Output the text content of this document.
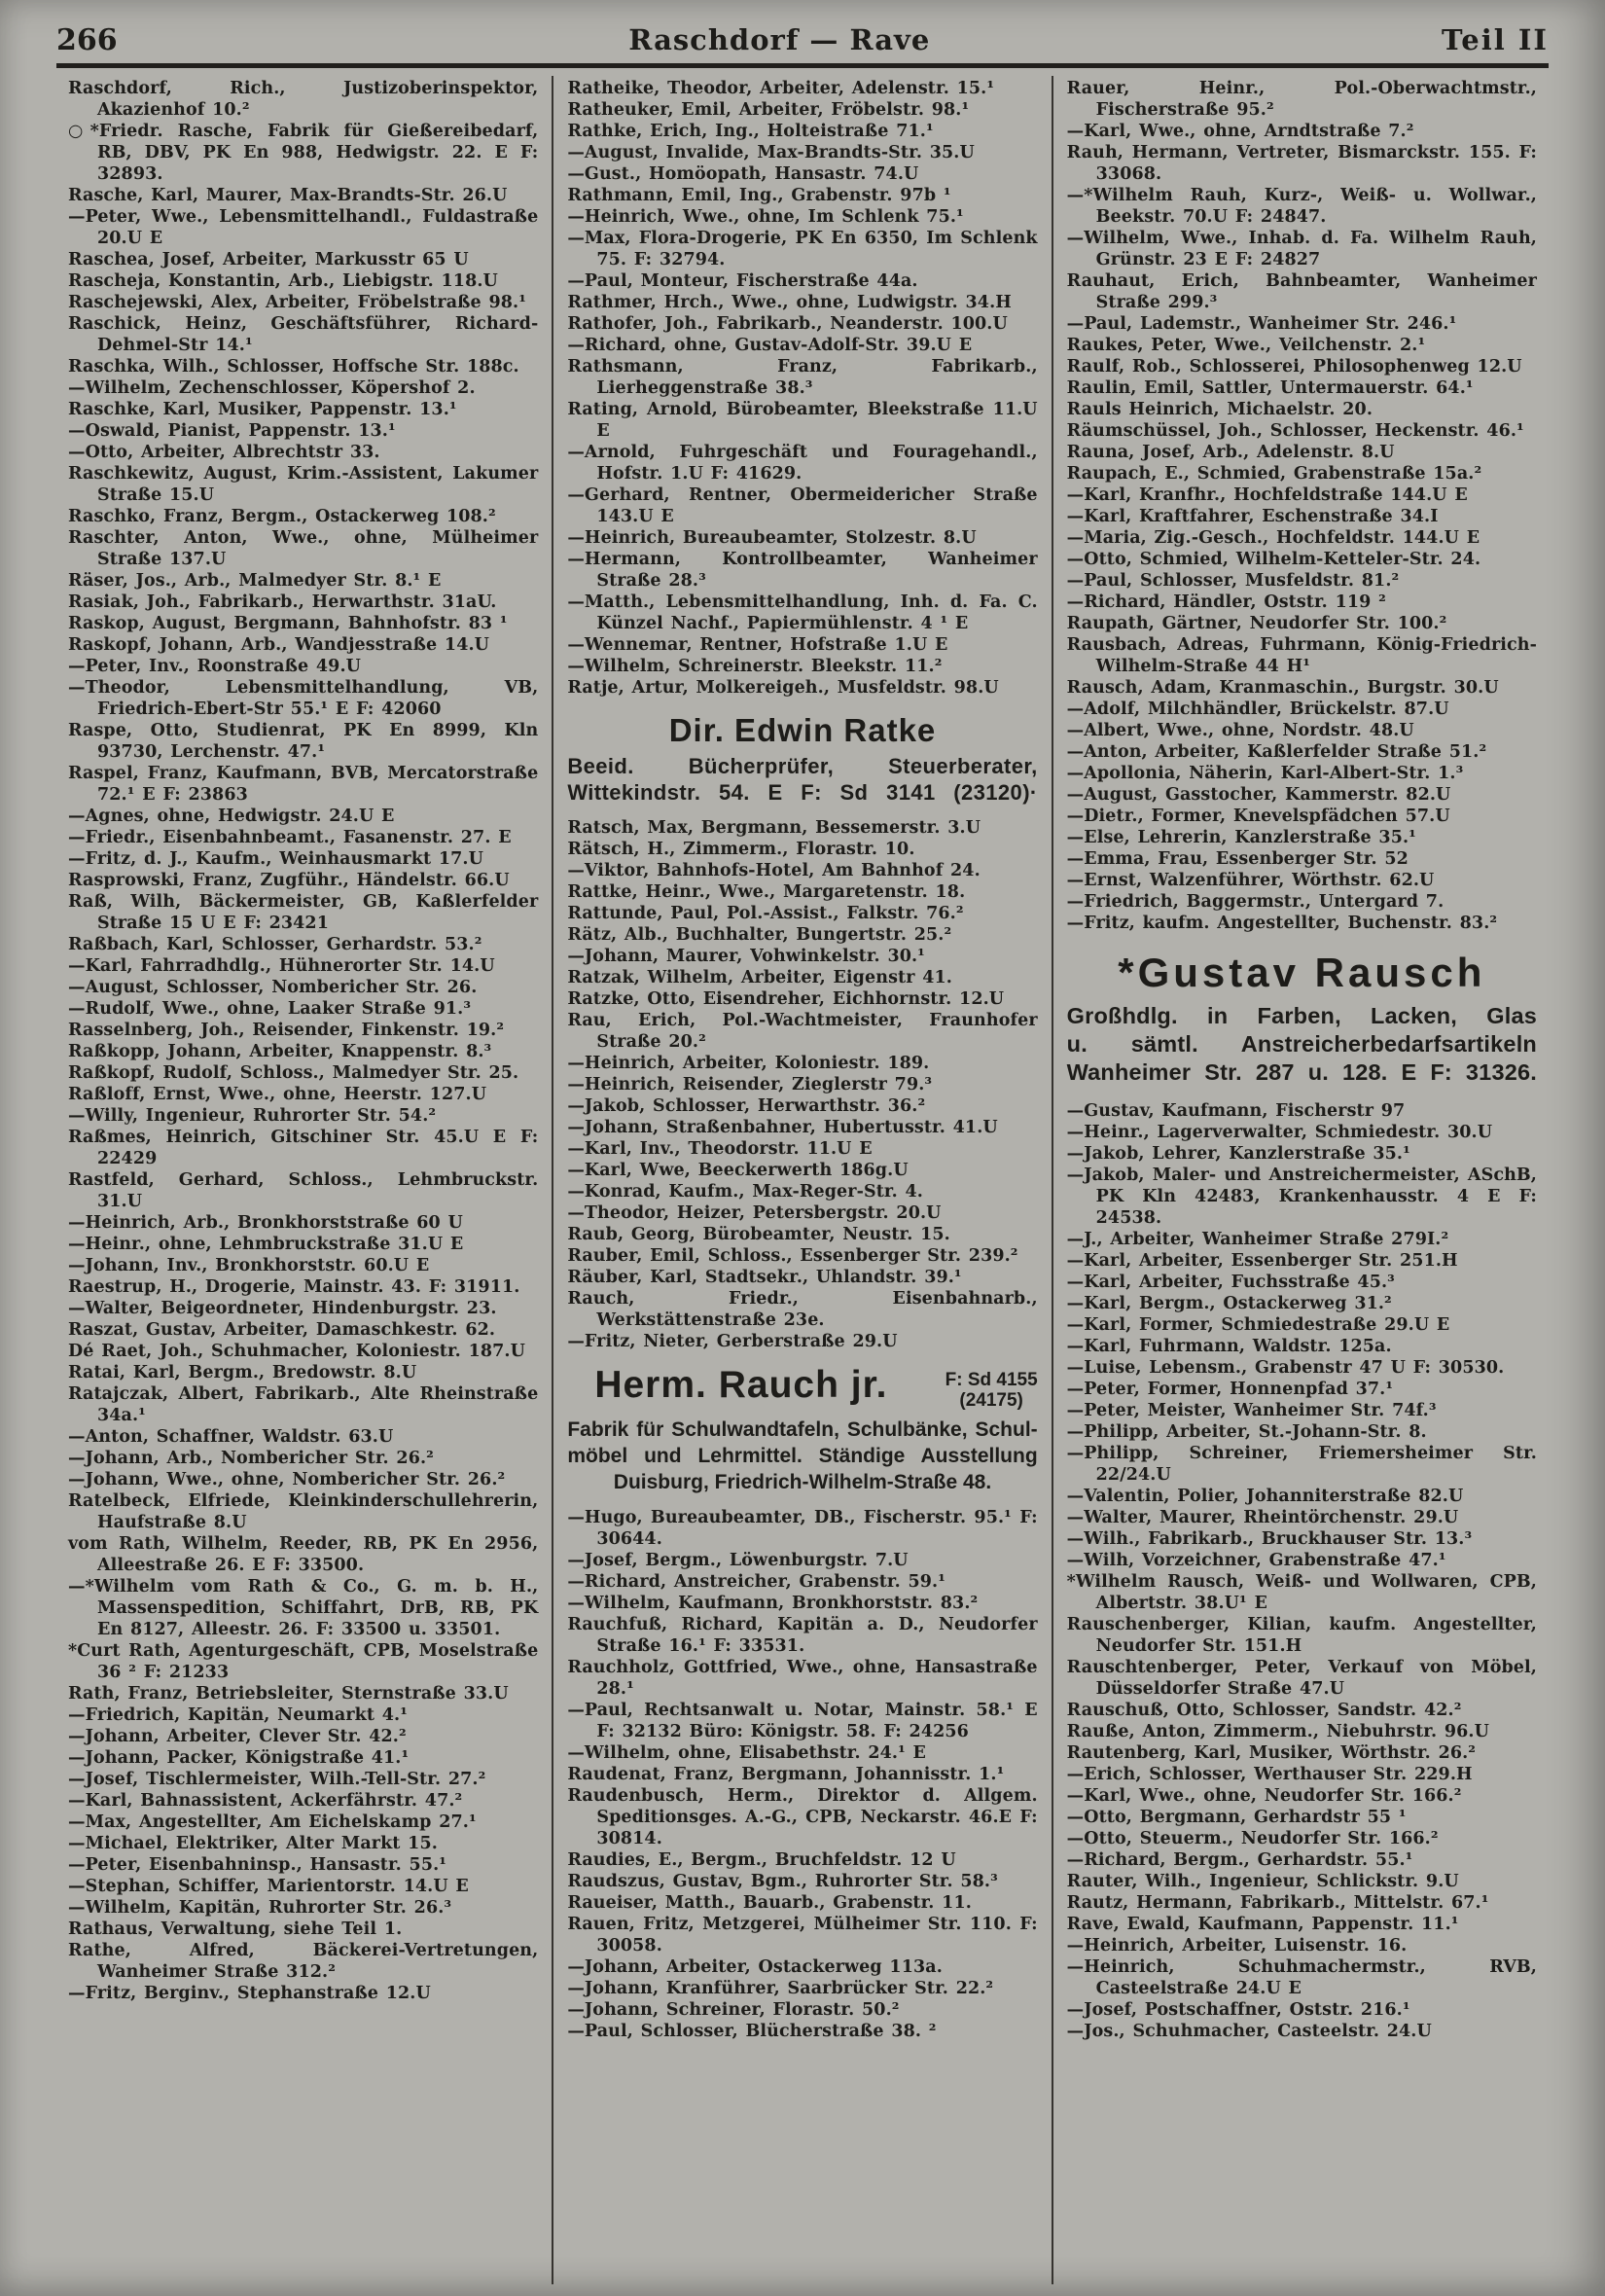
266	Raschdorf — Rave	Teil II
Raschdorf, Rich., Justizoberinspektor, Akazienhof 10.²
○*Friedr. Rasche, Fabrik für Gießereibedarf, RB, DBV, PK En 988, Hedwigstr. 22. E F: 32893.
Rasche, Karl, Maurer, Max-Brandts-Str. 26.U
—Peter, Wwe., Lebensmittelhandl., Fuldastraße 20.U E
Raschea, Josef, Arbeiter, Markusstr 65 U
Rascheja, Konstantin, Arb., Liebigstr. 118.U
Raschejewski, Alex, Arbeiter, Fröbelstraße 98.¹
Raschick, Heinz, Geschäftsführer, Richard-Dehmel-Str 14.¹
Raschka, Wilh., Schlosser, Hoffsche Str. 188c.
—Wilhelm, Zechenschlosser, Köpershof 2.
Raschke, Karl, Musiker, Pappenstr. 13.¹
—Oswald, Pianist, Pappenstr. 13.¹
—Otto, Arbeiter, Albrechtstr 33.
Raschkewitz, August, Krim.-Assistent, Lakumer Straße 15.U
Raschko, Franz, Bergm., Ostackerweg 108.²
Raschter, Anton, Wwe., ohne, Mülheimer Straße 137.U
Räser, Jos., Arb., Malmedyer Str. 8.¹ E
Rasiak, Joh., Fabrikarb., Herwarthstr. 31aU.
Raskop, August, Bergmann, Bahnhofstr. 83 ¹
Raskopf, Johann, Arb., Wandjesstraße 14.U
—Peter, Inv., Roonstraße 49.U
—Theodor, Lebensmittelhandlung, VB, Friedrich-Ebert-Str 55.¹ E F: 42060
Raspe, Otto, Studienrat, PK En 8999, Kln 93730, Lerchenstr. 47.¹
Raspel, Franz, Kaufmann, BVB, Mercatorstraße 72.¹ E F: 23863
—Agnes, ohne, Hedwigstr. 24.U E
—Friedr., Eisenbahnbeamt., Fasanenstr. 27. E
—Fritz, d. J., Kaufm., Weinhausmarkt 17.U
Rasprowski, Franz, Zugführ., Händelstr. 66.U
Raß, Wilh, Bäckermeister, GB, Kaßlerfelder Straße 15 U E F: 23421
Raßbach, Karl, Schlosser, Gerhardstr. 53.²
—Karl, Fahrradhdlg., Hühnerorter Str. 14.U
—August, Schlosser, Nombericher Str. 26.
—Rudolf, Wwe., ohne, Laaker Straße 91.³
Rasselnberg, Joh., Reisender, Finkenstr. 19.²
Raßkopp, Johann, Arbeiter, Knappenstr. 8.³
Raßkopf, Rudolf, Schloss., Malmedyer Str. 25.
Raßloff, Ernst, Wwe., ohne, Heerstr. 127.U
—Willy, Ingenieur, Ruhrorter Str. 54.²
Raßmes, Heinrich, Gitschiner Str. 45.U E F: 22429
Rastfeld, Gerhard, Schloss., Lehmbruckstr. 31.U
—Heinrich, Arb., Bronkhorststraße 60 U
—Heinr., ohne, Lehmbruckstraße 31.U E
—Johann, Inv., Bronkhorststr. 60.U E
Raestrup, H., Drogerie, Mainstr. 43. F: 31911.
—Walter, Beigeordneter, Hindenburgstr. 23.
Raszat, Gustav, Arbeiter, Damaschkestr. 62.
Dé Raet, Joh., Schuhmacher, Koloniestr. 187.U
Ratai, Karl, Bergm., Bredowstr. 8.U
Ratajczak, Albert, Fabrikarb., Alte Rheinstraße 34a.¹
—Anton, Schaffner, Waldstr. 63.U
—Johann, Arb., Nombericher Str. 26.²
—Johann, Wwe., ohne, Nombericher Str. 26.²
Ratelbeck, Elfriede, Kleinkinderschullehrerin, Haufstraße 8.U
vom Rath, Wilhelm, Reeder, RB, PK En 2956, Alleestraße 26. E F: 33500.
—*Wilhelm vom Rath & Co., G. m. b. H., Massenspedition, Schiffahrt, DrB, RB, PK En 8127, Alleestr. 26. F: 33500 u. 33501.
*Curt Rath, Agenturgeschäft, CPB, Moselstraße 36 ² F: 21233
Rath, Franz, Betriebsleiter, Sternstraße 33.U
—Friedrich, Kapitän, Neumarkt 4.¹
—Johann, Arbeiter, Clever Str. 42.²
—Johann, Packer, Königstraße 41.¹
—Josef, Tischlermeister, Wilh.-Tell-Str. 27.²
—Karl, Bahnassistent, Ackerfährstr. 47.²
—Max, Angestellter, Am Eichelskamp 27.¹
—Michael, Elektriker, Alter Markt 15.
—Peter, Eisenbahninsp., Hansastr. 55.¹
—Stephan, Schiffer, Marientorstr. 14.U E
—Wilhelm, Kapitän, Ruhrorter Str. 26.³
Rathaus, Verwaltung, siehe Teil 1.
Rathe, Alfred, Bäckerei-Vertretungen, Wanheimer Straße 312.²
—Fritz, Berginv., Stephanstraße 12.U
Ratheike, Theodor, Arbeiter, Adelenstr. 15.¹
Ratheuker, Emil, Arbeiter, Fröbelstr. 98.¹
Rathke, Erich, Ing., Holteistraße 71.¹
—August, Invalide, Max-Brandts-Str. 35.U
—Gust., Homöopath, Hansastr. 74.U
Rathmann, Emil, Ing., Grabenstr. 97b ¹
—Heinrich, Wwe., ohne, Im Schlenk 75.¹
—Max, Flora-Drogerie, PK En 6350, Im Schlenk 75. F: 32794.
—Paul, Monteur, Fischerstraße 44a.
Rathmer, Hrch., Wwe., ohne, Ludwigstr. 34.H
Rathofer, Joh., Fabrikarb., Neanderstr. 100.U
—Richard, ohne, Gustav-Adolf-Str. 39.U E
Rathsmann, Franz, Fabrikarb., Lierheggenstraße 38.³
Rating, Arnold, Bürobeamter, Bleekstraße 11.U E
—Arnold, Fuhrgeschäft und Fouragehandl., Hofstr. 1.U F: 41629.
—Gerhard, Rentner, Obermeidericher Straße 143.U E
—Heinrich, Bureaubeamter, Stolzestr. 8.U
—Hermann, Kontrollbeamter, Wanheimer Straße 28.³
—Matth., Lebensmittelhandlung, Inh. d. Fa. C. Künzel Nachf., Papiermühlenstr. 4 ¹ E
—Wennemar, Rentner, Hofstraße 1.U E
—Wilhelm, Schreinerstr. Bleekstr. 11.²
Ratje, Artur, Molkereigeh., Musfeldstr. 98.U
Dir. Edwin Ratke
Beeid. Bücherprüfer, Steuerberater,
Wittekindstr. 54. E F: Sd 3141 (23120)·
Ratsch, Max, Bergmann, Bessemerstr. 3.U
Rätsch, H., Zimmerm., Florastr. 10.
—Viktor, Bahnhofs-Hotel, Am Bahnhof 24.
Rattke, Heinr., Wwe., Margaretenstr. 18.
Rattunde, Paul, Pol.-Assist., Falkstr. 76.²
Rätz, Alb., Buchhalter, Bungertstr. 25.²
—Johann, Maurer, Vohwinkelstr. 30.¹
Ratzak, Wilhelm, Arbeiter, Eigenstr 41.
Ratzke, Otto, Eisendreher, Eichhornstr. 12.U
Rau, Erich, Pol.-Wachtmeister, Fraunhofer Straße 20.²
—Heinrich, Arbeiter, Koloniestr. 189.
—Heinrich, Reisender, Zieglerstr 79.³
—Jakob, Schlosser, Herwarthstr. 36.²
—Johann, Straßenbahner, Hubertusstr. 41.U
—Karl, Inv., Theodorstr. 11.U E
—Karl, Wwe, Beeckerwerth 186g.U
—Konrad, Kaufm., Max-Reger-Str. 4.
—Theodor, Heizer, Petersbergstr. 20.U
Raub, Georg, Bürobeamter, Neustr. 15.
Rauber, Emil, Schloss., Essenberger Str. 239.²
Räuber, Karl, Stadtsekr., Uhlandstr. 39.¹
Rauch, Friedr., Eisenbahnarb., Werkstättenstraße 23e.
—Fritz, Nieter, Gerberstraße 29.U
Herm. Rauch jr.	F: Sd 4155
(24175)
Fabrik für Schulwandtafeln, Schulbänke, Schul-
möbel und Lehrmittel. Ständige Ausstellung
Duisburg, Friedrich-Wilhelm-Straße 48.
—Hugo, Bureaubeamter, DB., Fischerstr. 95.¹ F: 30644.
—Josef, Bergm., Löwenburgstr. 7.U
—Richard, Anstreicher, Grabenstr. 59.¹
—Wilhelm, Kaufmann, Bronkhorststr. 83.²
Rauchfuß, Richard, Kapitän a. D., Neudorfer Straße 16.¹ F: 33531.
Rauchholz, Gottfried, Wwe., ohne, Hansastraße 28.¹
—Paul, Rechtsanwalt u. Notar, Mainstr. 58.¹ E F: 32132 Büro: Königstr. 58. F: 24256
—Wilhelm, ohne, Elisabethstr. 24.¹ E
Raudenat, Franz, Bergmann, Johannisstr. 1.¹
Raudenbusch, Herm., Direktor d. Allgem. Speditionsges. A.-G., CPB, Neckarstr. 46.E F: 30814.
Raudies, E., Bergm., Bruchfeldstr. 12 U
Raudszus, Gustav, Bgm., Ruhrorter Str. 58.³
Raueiser, Matth., Bauarb., Grabenstr. 11.
Rauen, Fritz, Metzgerei, Mülheimer Str. 110. F: 30058.
—Johann, Arbeiter, Ostackerweg 113a.
—Johann, Kranführer, Saarbrücker Str. 22.²
—Johann, Schreiner, Florastr. 50.²
—Paul, Schlosser, Blücherstraße 38. ²
Rauer, Heinr., Pol.-Oberwachtmstr., Fischerstraße 95.²
—Karl, Wwe., ohne, Arndtstraße 7.²
Rauh, Hermann, Vertreter, Bismarckstr. 155. F: 33068.
—*Wilhelm Rauh, Kurz-, Weiß- u. Wollwar., Beekstr. 70.U F: 24847.
—Wilhelm, Wwe., Inhab. d. Fa. Wilhelm Rauh, Grünstr. 23 E F: 24827
Rauhaut, Erich, Bahnbeamter, Wanheimer Straße 299.³
—Paul, Lademstr., Wanheimer Str. 246.¹
Raukes, Peter, Wwe., Veilchenstr. 2.¹
Raulf, Rob., Schlosserei, Philosophenweg 12.U
Raulin, Emil, Sattler, Untermauerstr. 64.¹
Rauls Heinrich, Michaelstr. 20.
Räumschüssel, Joh., Schlosser, Heckenstr. 46.¹
Rauna, Josef, Arb., Adelenstr. 8.U
Raupach, E., Schmied, Grabenstraße 15a.²
—Karl, Kranfhr., Hochfeldstraße 144.U E
—Karl, Kraftfahrer, Eschenstraße 34.I
—Maria, Zig.-Gesch., Hochfeldstr. 144.U E
—Otto, Schmied, Wilhelm-Ketteler-Str. 24.
—Paul, Schlosser, Musfeldstr. 81.²
—Richard, Händler, Oststr. 119 ²
Raupath, Gärtner, Neudorfer Str. 100.²
Rausbach, Adreas, Fuhrmann, König-Friedrich-Wilhelm-Straße 44 H¹
Rausch, Adam, Kranmaschin., Burgstr. 30.U
—Adolf, Milchhändler, Brückelstr. 87.U
—Albert, Wwe., ohne, Nordstr. 48.U
—Anton, Arbeiter, Kaßlerfelder Straße 51.²
—Apollonia, Näherin, Karl-Albert-Str. 1.³
—August, Gasstocher, Kammerstr. 82.U
—Dietr., Former, Knevelspfädchen 57.U
—Else, Lehrerin, Kanzlerstraße 35.¹
—Emma, Frau, Essenberger Str. 52
—Ernst, Walzenführer, Wörthstr. 62.U
—Friedrich, Baggermstr., Untergard 7.
—Fritz, kaufm. Angestellter, Buchenstr. 83.²
*Gustav Rausch
Großhdlg. in Farben, Lacken, Glas
u. sämtl. Anstreicherbedarfsartikeln
Wanheimer Str. 287 u. 128. E F: 31326.
—Gustav, Kaufmann, Fischerstr 97
—Heinr., Lagerverwalter, Schmiedestr. 30.U
—Jakob, Lehrer, Kanzlerstraße 35.¹
—Jakob, Maler- und Anstreichermeister, ASchB, PK Kln 42483, Krankenhausstr. 4 E F: 24538.
—J., Arbeiter, Wanheimer Straße 279I.²
—Karl, Arbeiter, Essenberger Str. 251.H
—Karl, Arbeiter, Fuchsstraße 45.³
—Karl, Bergm., Ostackerweg 31.²
—Karl, Former, Schmiedestraße 29.U E
—Karl, Fuhrmann, Waldstr. 125a.
—Luise, Lebensm., Grabenstr 47 U F: 30530.
—Peter, Former, Honnenpfad 37.¹
—Peter, Meister, Wanheimer Str. 74f.³
—Philipp, Arbeiter, St.-Johann-Str. 8.
—Philipp, Schreiner, Friemersheimer Str. 22/24.U
—Valentin, Polier, Johanniterstraße 82.U
—Walter, Maurer, Rheintörchenstr. 29.U
—Wilh., Fabrikarb., Bruckhauser Str. 13.³
—Wilh, Vorzeichner, Grabenstraße 47.¹
*Wilhelm Rausch, Weiß- und Wollwaren, CPB, Albertstr. 38.U¹ E
Rauschenberger, Kilian, kaufm. Angestellter, Neudorfer Str. 151.H
Rauschtenberger, Peter, Verkauf von Möbel, Düsseldorfer Straße 47.U
Rauschuß, Otto, Schlosser, Sandstr. 42.²
Rauße, Anton, Zimmerm., Niebuhrstr. 96.U
Rautenberg, Karl, Musiker, Wörthstr. 26.²
—Erich, Schlosser, Werthauser Str. 229.H
—Karl, Wwe., ohne, Neudorfer Str. 166.²
—Otto, Bergmann, Gerhardstr 55 ¹
—Otto, Steuerm., Neudorfer Str. 166.²
—Richard, Bergm., Gerhardstr. 55.¹
Rauter, Wilh., Ingenieur, Schlickstr. 9.U
Rautz, Hermann, Fabrikarb., Mittelstr. 67.¹
Rave, Ewald, Kaufmann, Pappenstr. 11.¹
—Heinrich, Arbeiter, Luisenstr. 16.
—Heinrich, Schuhmachermstr., RVB, Casteelstraße 24.U E
—Josef, Postschaffner, Oststr. 216.¹
—Jos., Schuhmacher, Casteelstr. 24.U
